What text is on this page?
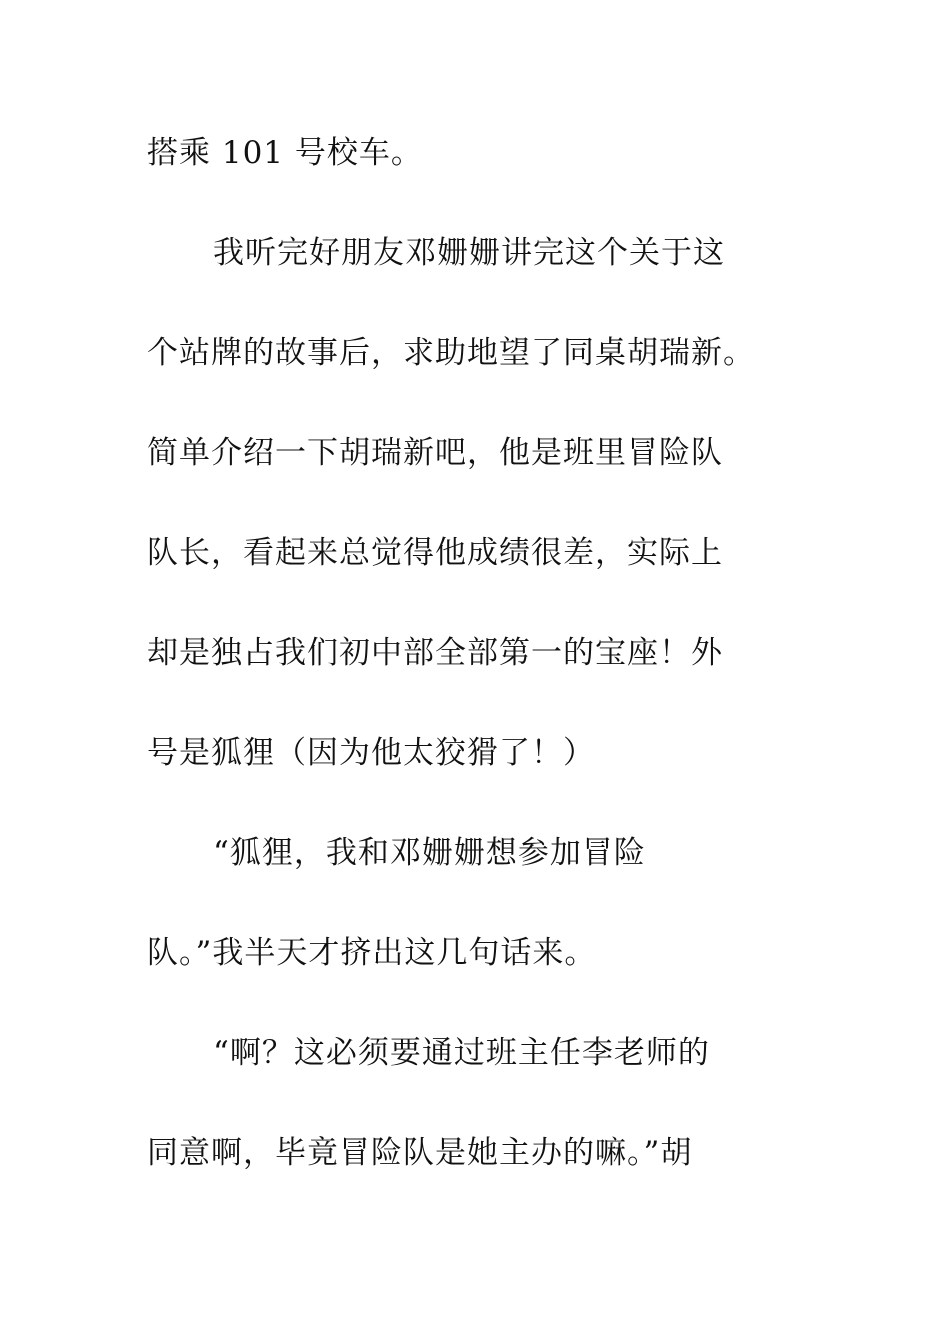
搭乘 101 号校车。
我听完好朋友邓姗姗讲完这个关于这
个站牌的故事后，求助地望了同桌胡瑞新。
简单介绍一下胡瑞新吧，他是班里冒险队
队长，看起来总觉得他成绩很差，实际上
却是独占我们初中部全部第一的宝座！外
号是狐狸（因为他太狡猾了！）
“狐狸，我和邓姗姗想参加冒险
队。”我半天才挤出这几句话来。
“啊？这必须要通过班主任李老师的
同意啊，毕竟冒险队是她主办的嘛。”胡
